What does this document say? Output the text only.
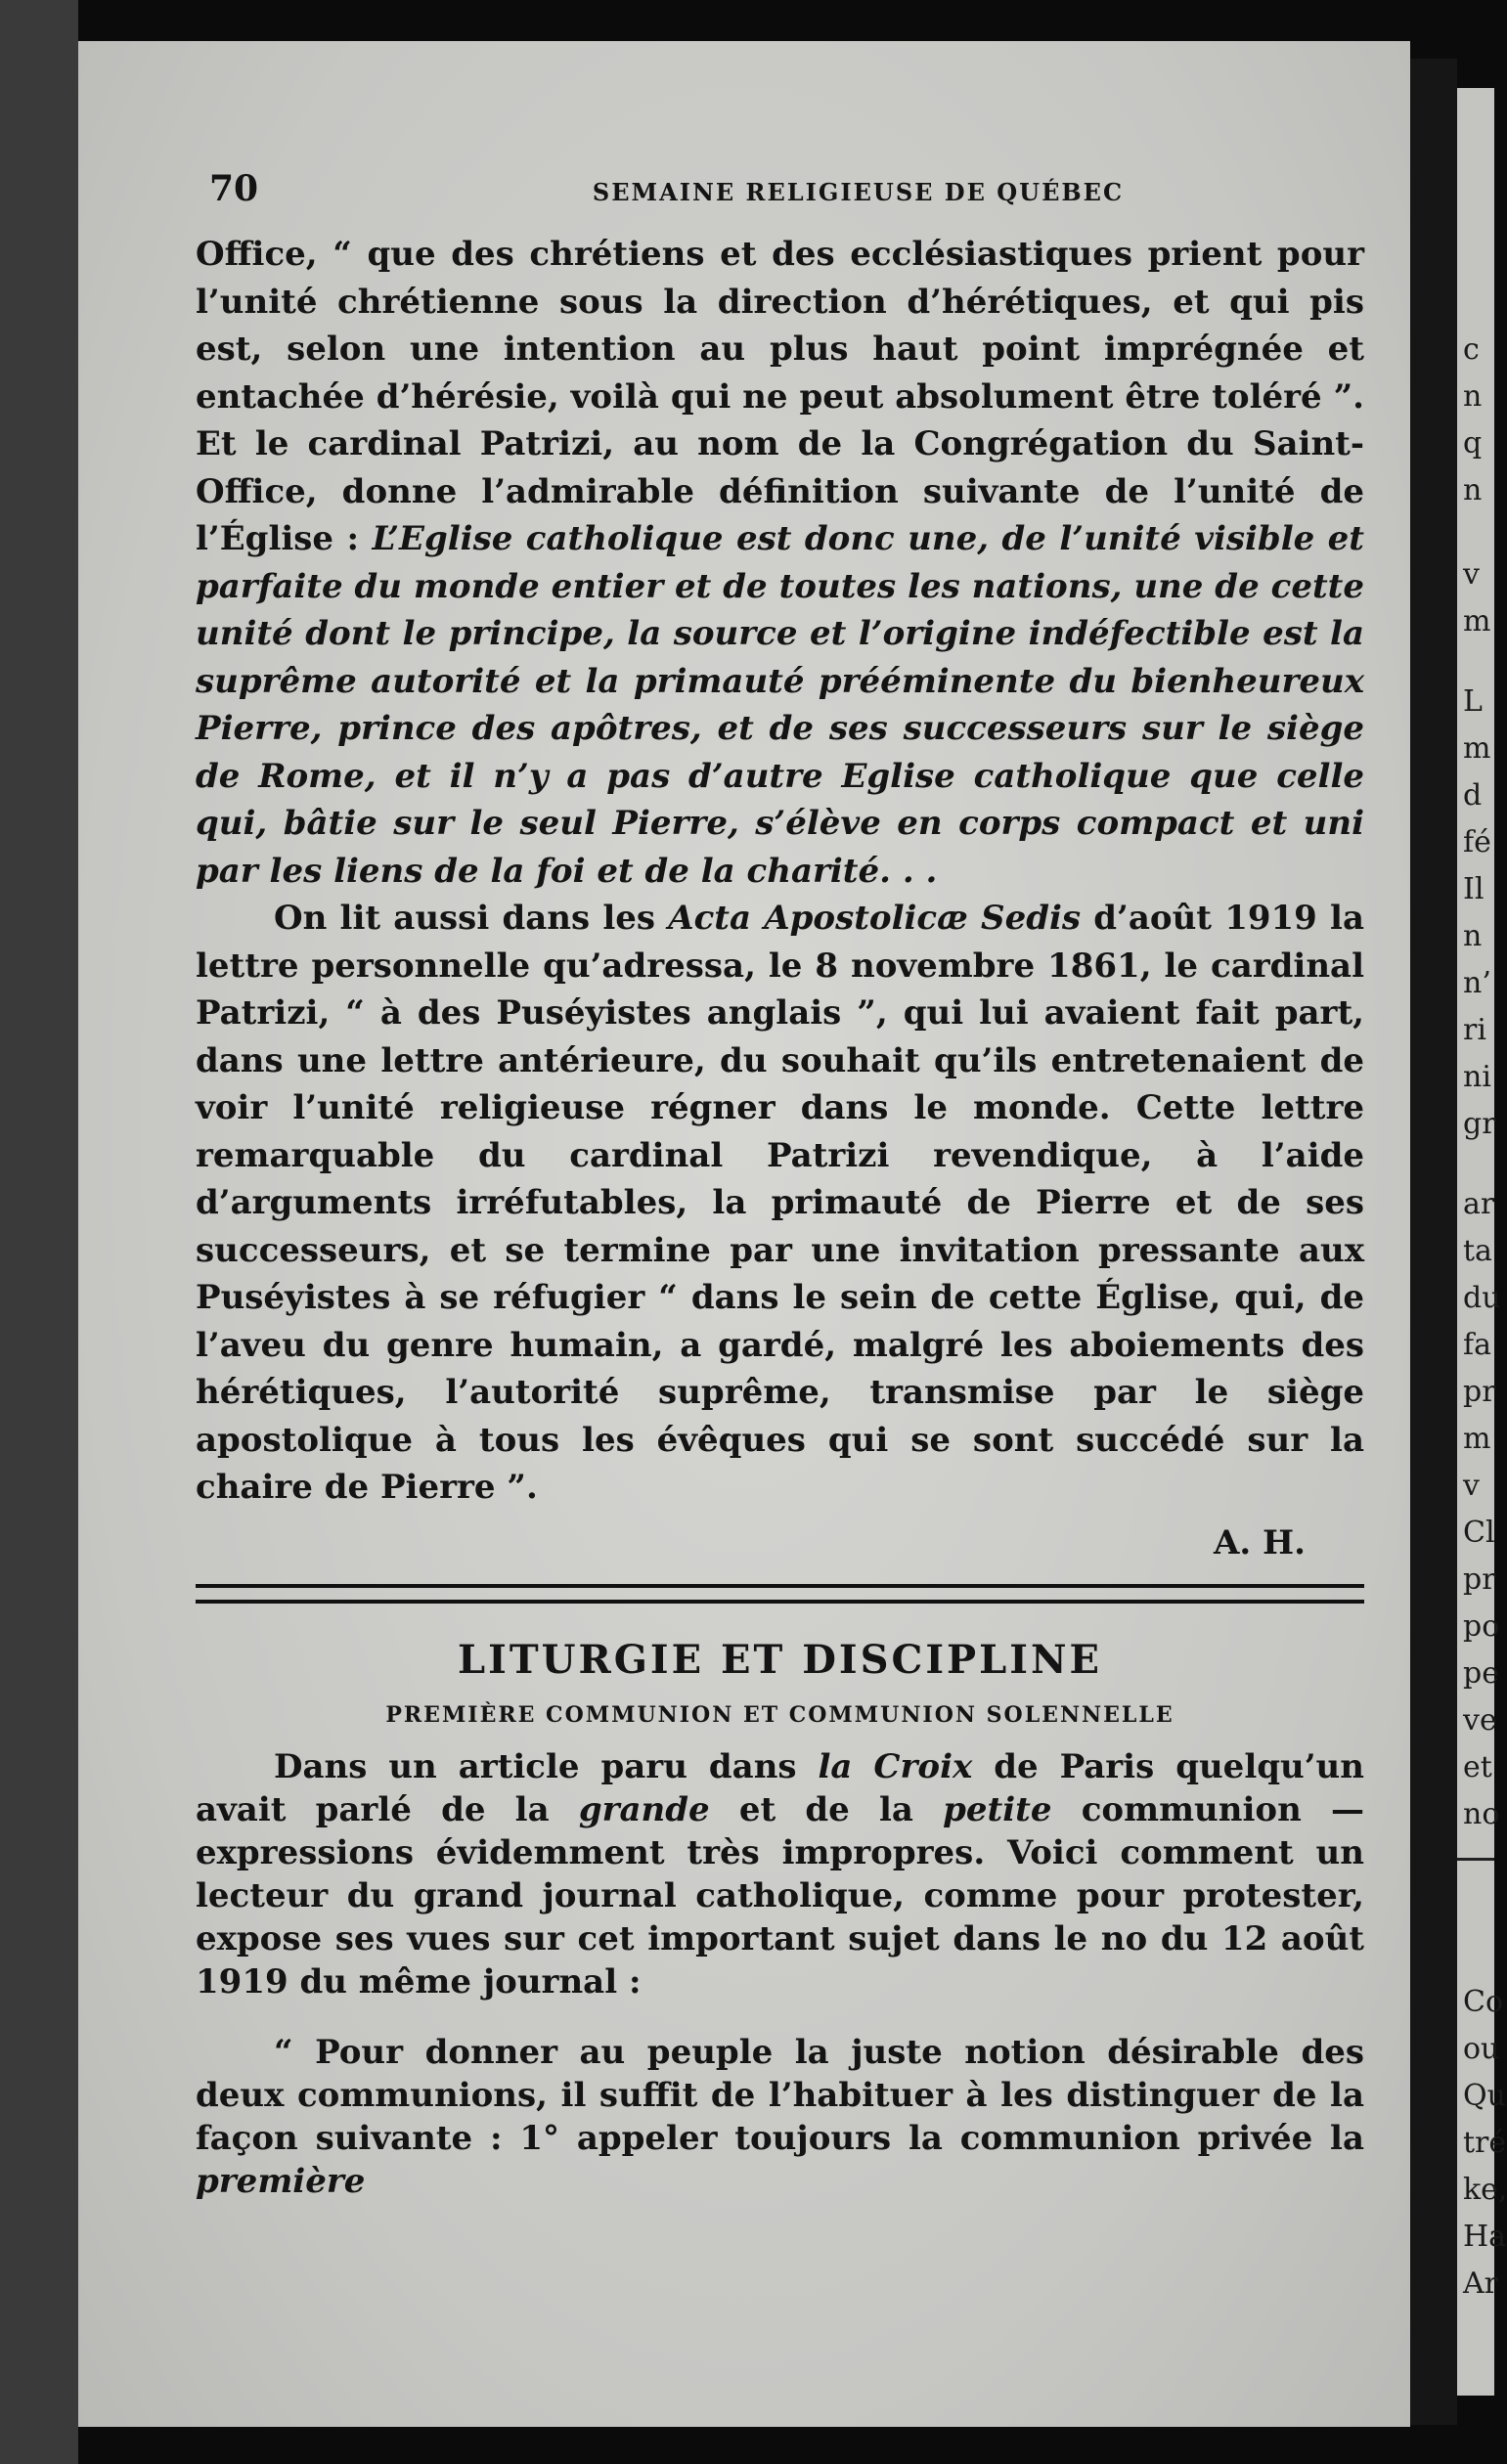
70	SEMAINE RELIGIEUSE DE QUÉBEC

Office, “ que des chrétiens et des ecclésiastiques prient pour l’unité chrétienne sous la direction d’hérétiques, et qui pis est, selon une intention au plus haut point imprégnée et entachée d’hérésie, voilà qui ne peut absolument être toléré ”. Et le cardinal Patrizi, au nom de la Congrégation du Saint-Office, donne l’admirable définition suivante de l’unité de l’Église : L’Eglise catholique est donc une, de l’unité visible et parfaite du monde entier et de toutes les nations, une de cette unité dont le principe, la source et l’origine indéfectible est la suprême autorité et la primauté prééminente du bienheureux Pierre, prince des apôtres, et de ses successeurs sur le siège de Rome, et il n’y a pas d’autre Eglise catholique que celle qui, bâtie sur le seul Pierre, s’élève en corps compact et uni par les liens de la foi et de la charité. . .

On lit aussi dans les Acta Apostolicæ Sedis d’août 1919 la lettre personnelle qu’adressa, le 8 novembre 1861, le cardinal Patrizi, “ à des Puséyistes anglais ”, qui lui avaient fait part, dans une lettre antérieure, du souhait qu’ils entretenaient de voir l’unité religieuse régner dans le monde. Cette lettre remarquable du cardinal Patrizi revendique, à l’aide d’arguments irréfutables, la primauté de Pierre et de ses successeurs, et se termine par une invitation pressante aux Puséyistes à se réfugier “ dans le sein de cette Église, qui, de l’aveu du genre humain, a gardé, malgré les aboiements des hérétiques, l’autorité suprême, transmise par le siège apostolique à tous les évêques qui se sont succédé sur la chaire de Pierre ”.

A. H.
LITURGIE ET DISCIPLINE
PREMIÈRE COMMUNION ET COMMUNION SOLENNELLE

Dans un article paru dans la Croix de Paris quelqu’un avait parlé de la grande et de la petite communion — expressions évidemment très impropres. Voici comment un lecteur du grand journal catholique, comme pour protester, expose ses vues sur cet important sujet dans le no du 12 août 1919 du même journal :

“ Pour donner au peuple la juste notion désirable des deux communions, il suffit de l’habituer à les distinguer de la façon suivante : 1° appeler toujours la communion privée la première

c
n
q
n
v
m
L
m
d
fé
Il
n
n’
ri
ni
gr
ar
ta
du
fa
pr
m
v
Cl
pr
po
pe
ve
et
no
Co
ou
Qu
tré
ke,
Ha
Ar
